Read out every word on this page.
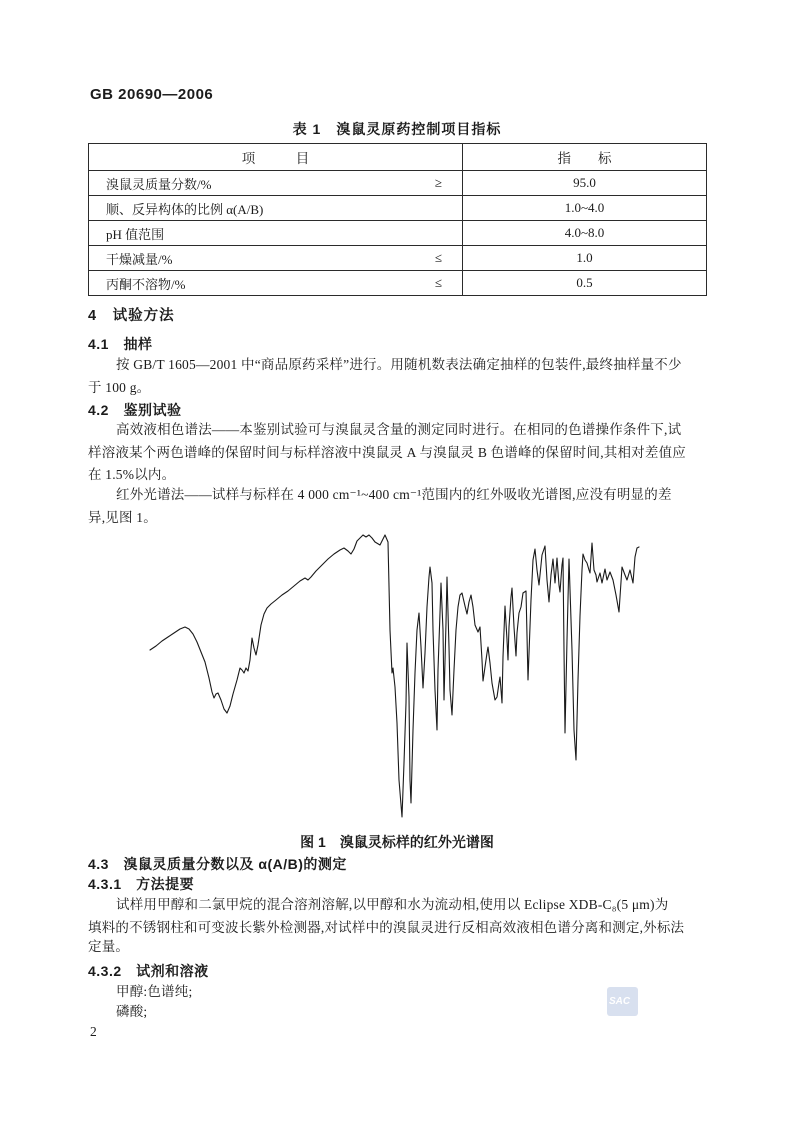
GB 20690—2006
表 1　溴鼠灵原药控制项目指标
项　　　目	指　　标

溴鼠灵质量分数/% ≥	95.0

顺、反异构体的比例 α(A/B)	1.0~4.0

pH 值范围	4.0~8.0

干燥减量/% ≤	1.0

丙酮不溶物/% ≤	0.5
4　试验方法
4.1　抽样
按 GB/T 1605—2001 中“商品原药采样”进行。用随机数表法确定抽样的包装件,最终抽样量不少
于 100 g。
4.2　鉴别试验
高效液相色谱法——本鉴别试验可与溴鼠灵含量的测定同时进行。在相同的色谱操作条件下,试
样溶液某个两色谱峰的保留时间与标样溶液中溴鼠灵 A 与溴鼠灵 B 色谱峰的保留时间,其相对差值应
在 1.5%以内。
红外光谱法——试样与标样在 4 000 cm⁻¹~400 cm⁻¹范围内的红外吸收光谱图,应没有明显的差
异,见图 1。
图 1　溴鼠灵标样的红外光谱图
4.3　溴鼠灵质量分数以及 α(A/B)的测定
4.3.1　方法提要
试样用甲醇和二氯甲烷的混合溶剂溶解,以甲醇和水为流动相,使用以 Eclipse XDB-C₈(5 μm)为
填料的不锈钢柱和可变波长紫外检测器,对试样中的溴鼠灵进行反相高效液相色谱分离和测定,外标法
定量。
4.3.2　试剂和溶液
甲醇:色谱纯;
磷酸;
SAC
2
